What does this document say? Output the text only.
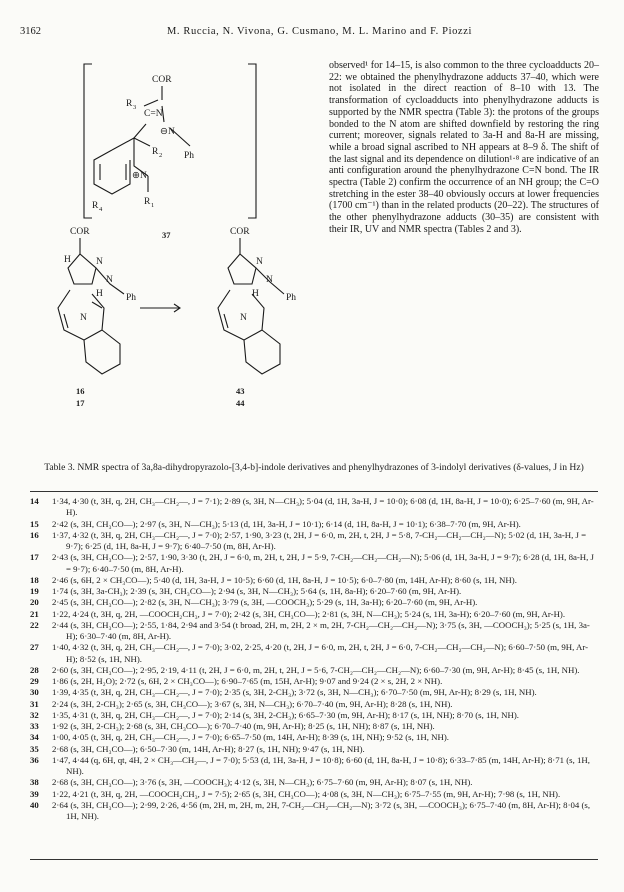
3162	M. Ruccia, N. Vivona, G. Cusmano, M. L. Marino and F. Piozzi
COR
R 3
C=N
⊖N
Ph
R 2
⊕N
R 4
R 1
37
COR
H	N
N
H Ph
N
16
17
COR
N
N
H	Ph
N
43
44

observed¹ for 14–15, is also common to the three cycloadducts 20–22: we obtained the phenylhydrazone adducts 37–40, which were not isolated in the direct reaction of 8–10 with 13. The transformation of cycloadducts into phenylhydrazone adducts is supported by the NMR spectra (Table 3): the protons of the groups bonded to the N atom are shifted downfield by restoring the ring current; moreover, signals related to 3a-H and 8a-H are missing, while a broad signal ascribed to NH appears at 8–9 δ. The shift of the last signal and its dependence on dilution¹·⁸ are indicative of an anti configuration around the phenylhydrazone C=N bond. The IR spectra (Table 2) confirm the occurrence of an NH group; the C=O stretching in the ester 38–40 obviously occurs at lower frequencies (1700 cm⁻¹) than in the related products (20–22). The structures of the other phenylhydrazone adducts (30–35) are consistent with their IR, UV and NMR spectra (Tables 2 and 3).

Table 3. NMR spectra of 3a,8a-dihydropyrazolo-[3,4-b]-indole derivatives and phenylhydrazones of 3-indolyl derivatives (δ-values, J in Hz)

14	1·34, 4·30 (t, 3H, q, 2H, CH₃—CH₂—, J = 7·1); 2·89 (s, 3H, N—CH₃); 5·04 (d, 1H, 3a-H, J = 10·0); 6·08 (d, 1H, 8a-H, J = 10·0); 6·25–7·60 (m, 9H, Ar-H).
15	2·42 (s, 3H, CH₃CO—); 2·97 (s, 3H, N—CH₃); 5·13 (d, 1H, 3a-H, J = 10·1); 6·14 (d, 1H, 8a-H, J = 10·1); 6·38–7·70 (m, 9H, Ar-H).
16	1·37, 4·32 (t, 3H, q, 2H, CH₃—CH₂—, J = 7·0); 2·57, 1·90, 3·23 (t, 2H, J = 6·0, m, 2H, t, 2H, J = 5·8, 7-CH₂—CH₂—CH₂—N); 5·02 (d, 1H, 3a-H, J = 9·7); 6·25 (d, 1H, 8a-H, J = 9·7); 6·40–7·50 (m, 8H, Ar-H).
17	2·43 (s, 3H, CH₃CO—); 2·57, 1·90, 3·30 (t, 2H, J = 6·0, m, 2H, t, 2H, J = 5·9, 7-CH₂—CH₂—CH₂—N); 5·06 (d, 1H, 3a-H, J = 9·7); 6·28 (d, 1H, 8a-H, J = 9·7); 6·40–7·50 (m, 8H, Ar-H).
18	2·46 (s, 6H, 2 × CH₃CO—); 5·40 (d, 1H, 3a-H, J = 10·5); 6·60 (d, 1H, 8a-H, J = 10·5); 6·0–7·80 (m, 14H, Ar-H); 8·60 (s, 1H, NH).
19	1·74 (s, 3H, 3a-CH₃); 2·39 (s, 3H, CH₃CO—); 2·94 (s, 3H, N—CH₃); 5·64 (s, 1H, 8a-H); 6·20–7·60 (m, 9H, Ar-H).
20	2·45 (s, 3H, CH₃CO—); 2·82 (s, 3H, N—CH₃); 3·79 (s, 3H, —COOCH₃); 5·29 (s, 1H, 3a-H); 6·20–7·60 (m, 9H, Ar-H).
21	1·22, 4·24 (t, 3H, q, 2H, —COOCH₂CH₃, J = 7·0); 2·42 (s, 3H, CH₃CO—); 2·81 (s, 3H, N—CH₃); 5·24 (s, 1H, 3a-H); 6·20–7·60 (m, 9H, Ar-H).
22	2·44 (s, 3H, CH₃CO—); 2·55, 1·84, 2·94 and 3·54 (t broad, 2H, m, 2H, 2 × m, 2H, 7-CH₂—CH₂—CH₂—N); 3·75 (s, 3H, —COOCH₃); 5·25 (s, 1H, 3a-H); 6·30–7·40 (m, 8H, Ar-H).
27	1·40, 4·32 (t, 3H, q, 2H, CH₃—CH₂—, J = 7·0); 3·02, 2·25, 4·20 (t, 2H, J = 6·0, m, 2H, t, 2H, J = 6·0, 7-CH₂—CH₂—CH₂—N); 6·60–7·50 (m, 9H, Ar-H); 8·52 (s, 1H, NH).
28	2·60 (s, 3H, CH₃CO—); 2·95, 2·19, 4·11 (t, 2H, J = 6·0, m, 2H, t, 2H, J = 5·6, 7-CH₂—CH₂—CH₂—N); 6·60–7·30 (m, 9H, Ar-H); 8·45 (s, 1H, NH).
29	1·86 (s, 2H, H₂O); 2·72 (s, 6H, 2 × CH₃CO—); 6·90–7·65 (m, 15H, Ar-H); 9·07 and 9·24 (2 × s, 2H, 2 × NH).
30	1·39, 4·35 (t, 3H, q, 2H, CH₃—CH₂—, J = 7·0); 2·35 (s, 3H, 2-CH₃); 3·72 (s, 3H, N—CH₃); 6·70–7·50 (m, 9H, Ar-H); 8·29 (s, 1H, NH).
31	2·24 (s, 3H, 2-CH₃); 2·65 (s, 3H, CH₃CO—); 3·67 (s, 3H, N—CH₃); 6·70–7·40 (m, 9H, Ar-H); 8·28 (s, 1H, NH).
32	1·35, 4·31 (t, 3H, q, 2H, CH₃—CH₂—, J = 7·0); 2·14 (s, 3H, 2-CH₃); 6·65–7·30 (m, 9H, Ar-H); 8·17 (s, 1H, NH); 8·70 (s, 1H, NH).
33	1·92 (s, 3H, 2-CH₃); 2·68 (s, 3H, CH₃CO—); 6·70–7·40 (m, 9H, Ar-H); 8·25 (s, 1H, NH); 8·87 (s, 1H, NH).
34	1·00, 4·05 (t, 3H, q, 2H, CH₃—CH₂—, J = 7·0); 6·65–7·50 (m, 14H, Ar-H); 8·39 (s, 1H, NH); 9·52 (s, 1H, NH).
35	2·68 (s, 3H, CH₃CO—); 6·50–7·30 (m, 14H, Ar-H); 8·27 (s, 1H, NH); 9·47 (s, 1H, NH).
36	1·47, 4·44 (q, 6H, qt, 4H, 2 × CH₃—CH₂—, J = 7·0); 5·53 (d, 1H, 3a-H, J = 10·8); 6·60 (d, 1H, 8a-H, J = 10·8); 6·33–7·85 (m, 14H, Ar-H); 8·71 (s, 1H, NH).
38	2·68 (s, 3H, CH₃CO—); 3·76 (s, 3H, —COOCH₃); 4·12 (s, 3H, N—CH₃); 6·75–7·60 (m, 9H, Ar-H); 8·07 (s, 1H, NH).
39	1·22, 4·21 (t, 3H, q, 2H, —COOCH₂CH₃, J = 7·5); 2·65 (s, 3H, CH₃CO—); 4·08 (s, 3H, N—CH₃); 6·75–7·55 (m, 9H, Ar-H); 7·98 (s, 1H, NH).
40	2·64 (s, 3H, CH₃CO—); 2·99, 2·26, 4·56 (m, 2H, m, 2H, m, 2H, 7-CH₂—CH₂—CH₂—N); 3·72 (s, 3H, —COOCH₃); 6·75–7·40 (m, 8H, Ar-H); 8·04 (s, 1H, NH).
